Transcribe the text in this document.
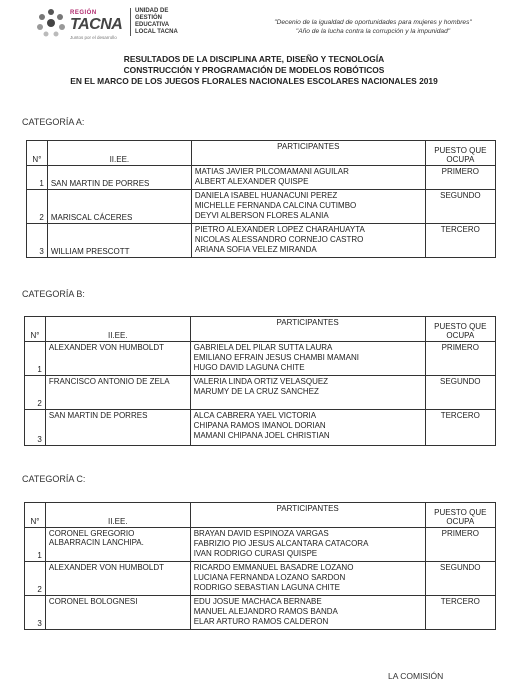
REGIÓN
TACNA
Juntos por el desarrollo
UNIDAD DE
GESTIÓN
EDUCATIVA
LOCAL TACNA
"Decenio de la igualdad de oportunidades para mujeres y hombres"
"Año de la lucha contra la corrupción y la impunidad"
RESULTADOS DE LA DISCIPLINA ARTE, DISEÑO Y TECNOLOGÍA
CONSTRUCCIÓN Y PROGRAMACIÓN DE MODELOS ROBÓTICOS
EN EL MARCO DE LOS JUEGOS FLORALES NACIONALES ESCOLARES NACIONALES 2019
CATEGORÍA A:
N°	II.EE.	PARTICIPANTES	PUESTO QUE OCUPA
1	SAN MARTIN DE PORRES	MATIAS JAVIER PILCOMAMANI AGUILAR
ALBERT ALEXANDER QUISPE	PRIMERO
2	MARISCAL CÁCERES	DANIELA ISABEL HUANACUNI PEREZ
MICHELLE FERNANDA CALCINA CUTIMBO
DEYVI ALBERSON FLORES ALANIA	SEGUNDO
3	WILLIAM PRESCOTT	PIETRO ALEXANDER LOPEZ CHARAHUAYTA
NICOLAS ALESSANDRO CORNEJO CASTRO
ARIANA SOFIA VELEZ MIRANDA	TERCERO
CATEGORÍA B:
N°	II.EE.	PARTICIPANTES	PUESTO QUE OCUPA
1	ALEXANDER VON HUMBOLDT	GABRIELA DEL PILAR SUTTA LAURA
EMILIANO EFRAIN JESUS CHAMBI MAMANI
HUGO DAVID LAGUNA CHITE	PRIMERO
2	FRANCISCO ANTONIO DE ZELA	VALERIA LINDA ORTIZ VELASQUEZ
MARUMY DE LA CRUZ SANCHEZ	SEGUNDO
3	SAN MARTIN DE PORRES	ALCA CABRERA YAEL VICTORIA
CHIPANA RAMOS IMANOL DORIAN
MAMANI CHIPANA JOEL CHRISTIAN	TERCERO
CATEGORÍA C:
N°	II.EE.	PARTICIPANTES	PUESTO QUE OCUPA
1	CORONEL GREGORIO ALBARRACIN LANCHIPA.	BRAYAN DAVID ESPINOZA VARGAS
FABRIZIO PIO JESUS ALCANTARA CATACORA
IVAN RODRIGO CURASI QUISPE	PRIMERO
2	ALEXANDER VON HUMBOLDT	RICARDO EMMANUEL BASADRE LOZANO
LUCIANA FERNANDA LOZANO SARDON
RODRIGO SEBASTIAN LAGUNA CHITE	SEGUNDO
3	CORONEL BOLOGNESI	EDU JOSUE MACHACA BERNABE
MANUEL ALEJANDRO RAMOS BANDA
ELAR ARTURO RAMOS CALDERON	TERCERO
LA COMISIÓN
